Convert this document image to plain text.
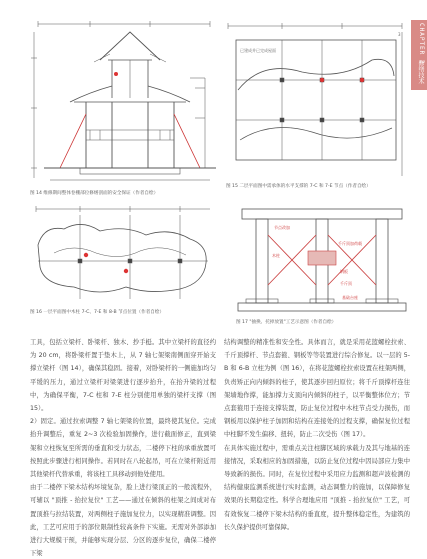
CHAPTER 3
修缮技术
图 14 维修期间整体卷棚部位修缮剖面的安全保证（作者自绘）
已建成并已完成屋面
3
图 15 二层平面图中需承体的水平支撑的 7-C 和 7-E 节点（作者自绘）
图 16 一层平面图中木柱 7-C、7-E 和 8-B 节点位置（作者自绘）
节点改加
千斤顶加荷载
木柱
钢板
千斤顶
基础台座
图 17 "抽换、托掉放置"工艺示意图（作者自绘）

工具，包括立梁杆、卧梁杆、独木、抄手梃。其中立梁杆的直径约为 20 cm，将卧梁杆置于垫木上，从 7 轴七架梁南侧面穿开始支撑立梁杆（图 14），确保其稳固。接着，对卧梁杆的一侧施加均匀平缓的压力，通过立梁杆对梁架进行逐步抬升，在抬升梁的过程中，为确保平衡，7-C 柱和 7-E 柱分别使用单独的梁杆支撑（图 15）。

2）固定。通过拉索调整 7 轴七架梁的位置，最终使其复位。完成抬升调整后，重复 2~3 次检验加固操作，进行截面修正，直到梁架和立柱恢复至所需的垂直和受力状态，二楼停下柱的承重放置可按照此步骤进行相同操作。若同时在八轮起吊，可在立梁杆附近用其他梁杆代替承重，将该柱工具移动到他处使用。

由于二楼停下梁木结构坏境复杂，脸上进行梁顶正的一般流程外，可辅以 "顶推 - 抬拉复位" 工艺——通过在倾斜的柱架之间成对布置顶推与拉结装置，对两侧柱子施加复位力，以实现精准调整。因此，工艺可应用于的部位限制性较高条件下实施。无需对外部添加进行大规模干预，并能够实现分层、分区的逐步复位，确保二楼停下梁

结构调整的精准性和安全性。具体而言，就是采用花篮螺栓拉索、千斤顶撑杆、节点套箍、钢板等等装置进行综合修复。以一层的 5-B 和 6-B 立柱为例（图 16），在将花篮螺栓拉索设置在柱架两侧，负责矫正向内倾斜的柱子，使其逐步回归原位；将千斤顶撑杆连往架墙地作撑，能加撑力支顶向内倾斜的柱子，以平衡整体位方；节点套箍用于连接支撑装置，防止复位过程中木柱节点受力损伤，而钢板用以保护柱子加固和结构在连接处的过程支撑，确保复位过程中柱脚不发生偏移、扭转，防止二次受伤（图 17）。

在具体实施过程中，需重点关注柱脚区域的承载力及其与地基的连接情况，采取相应的加固措施，以防止复位过程中因局部应力集中导致新的损伤。同时，在复位过程中采用应力监测和超声波检测的结构健康监测系统进行实时监测，动态调整力的施加，以保障修复效果的长期稳定性。科学合理地应用 "顶推 - 抬拉复位" 工艺，可有效恢复二楼停下梁木结构的垂直度，提升整体稳定性，为建筑的长久保护提供可靠保障。
